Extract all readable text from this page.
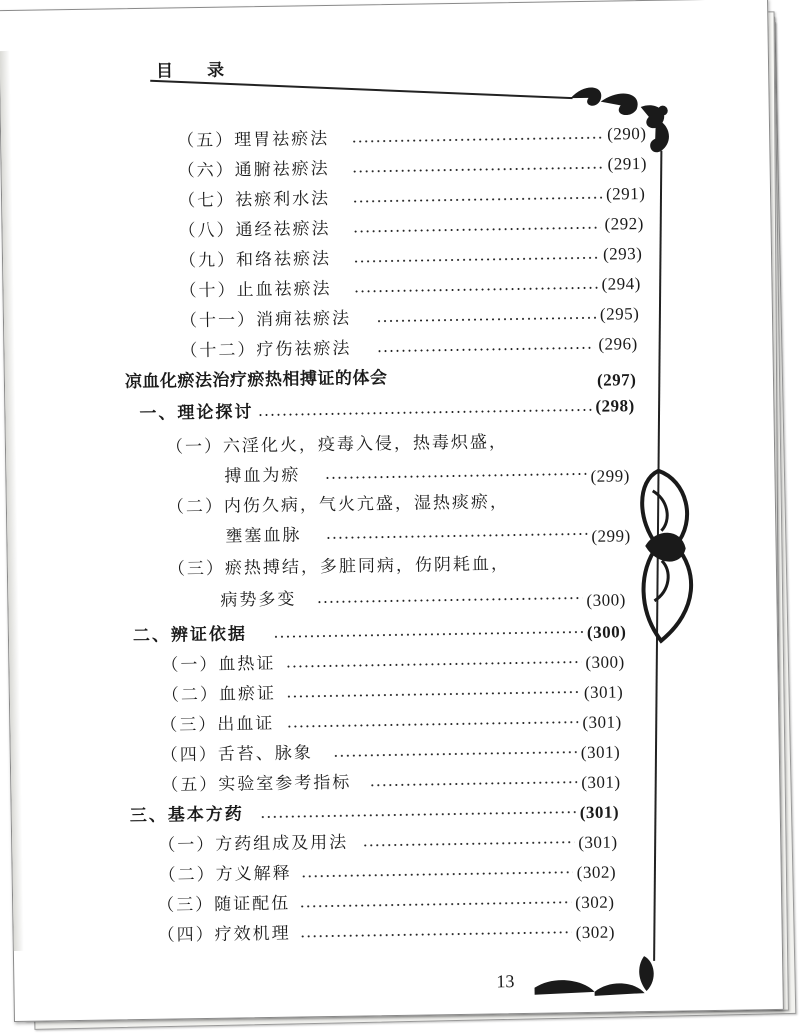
目 录
（五）理胃祛瘀法	(290)
（六）通腑祛瘀法	(291)
（七）祛瘀利水法	(291)
（八）通经祛瘀法	(292)
（九）和络祛瘀法	(293)
（十）止血祛瘀法	(294)
（十一）消痈祛瘀法	(295)
（十二）疗伤祛瘀法	(296)
凉血化瘀法治疗瘀热相搏证的体会	(297)
一、理论探讨	(298)
（一）六淫化火，疫毒入侵，热毒炽盛，
搏血为瘀	(299)
（二）内伤久病，气火亢盛，湿热痰瘀，
壅塞血脉	(299)
（三）瘀热搏结，多脏同病，伤阴耗血，
病势多变	(300)
二、辨证依据	(300)
（一）血热证	(300)
（二）血瘀证	(301)
（三）出血证	(301)
（四）舌苔、脉象	(301)
（五）实验室参考指标	(301)
三、基本方药	(301)
（一）方药组成及用法	(301)
（二）方义解释	(302)
（三）随证配伍	(302)
（四）疗效机理	(302)
13
